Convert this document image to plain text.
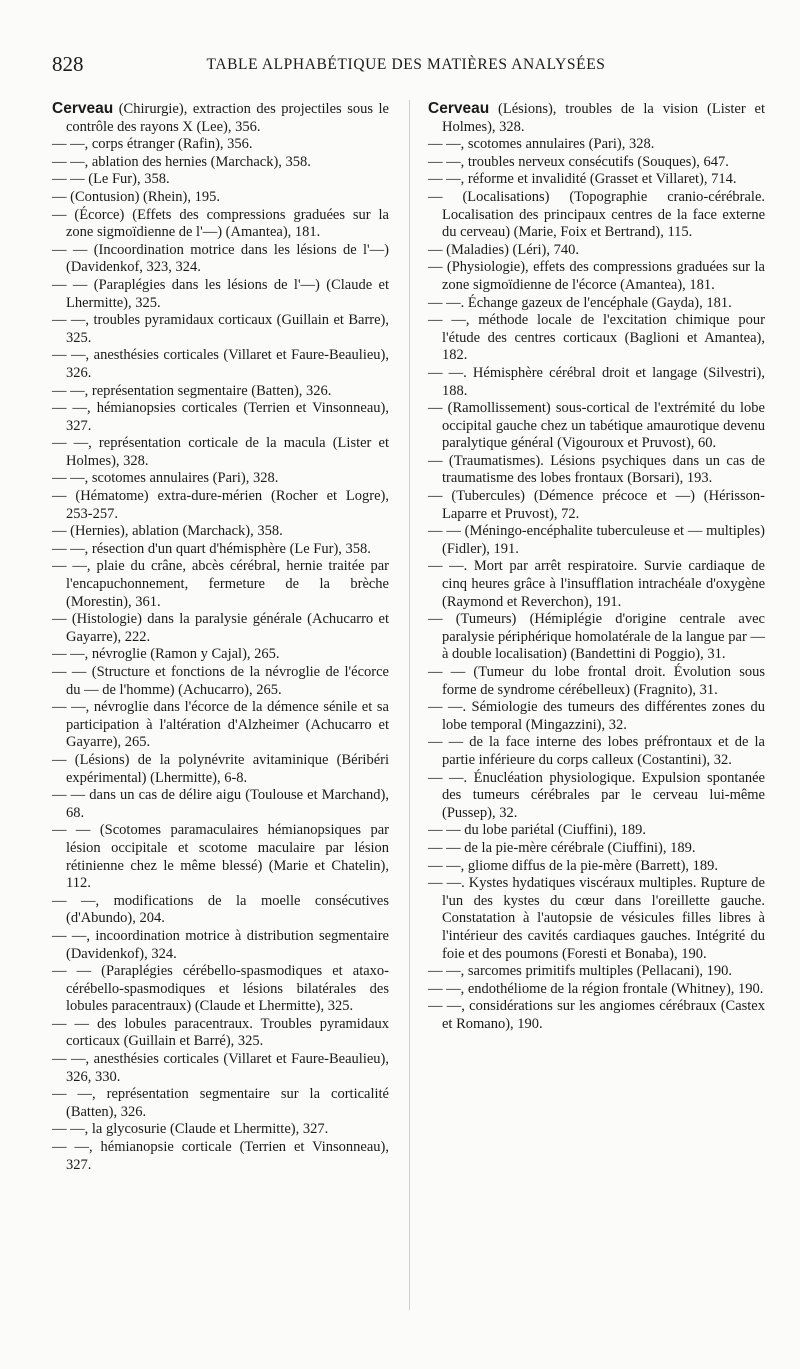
828	TABLE ALPHABÉTIQUE DES MATIÈRES ANALYSÉES

Cerveau (Chirurgie), extraction des projectiles sous le contrôle des rayons X (Lee), 356.

— —, corps étranger (Rafin), 356.

— —, ablation des hernies (Marchack), 358.

— — (Le Fur), 358.

— (Contusion) (Rhein), 195.

— (Écorce) (Effets des compressions graduées sur la zone sigmoïdienne de l'—) (Amantea), 181.

— — (Incoordination motrice dans les lésions de l'—) (Davidenkof, 323, 324.

— — (Paraplégies dans les lésions de l'—) (Claude et Lhermitte), 325.

— —, troubles pyramidaux corticaux (Guillain et Barre), 325.

— —, anesthésies corticales (Villaret et Faure-Beaulieu), 326.

— —, représentation segmentaire (Batten), 326.

— —, hémianopsies corticales (Terrien et Vinsonneau), 327.

— —, représentation corticale de la macula (Lister et Holmes), 328.

— —, scotomes annulaires (Pari), 328.

— (Hématome) extra-dure-mérien (Rocher et Logre), 253-257.

— (Hernies), ablation (Marchack), 358.

— —, résection d'un quart d'hémisphère (Le Fur), 358.

— —, plaie du crâne, abcès cérébral, hernie traitée par l'encapuchonnement, fermeture de la brèche (Morestin), 361.

— (Histologie) dans la paralysie générale (Achucarro et Gayarre), 222.

— —, névroglie (Ramon y Cajal), 265.

— — (Structure et fonctions de la névroglie de l'écorce du — de l'homme) (Achucarro), 265.

— —, névroglie dans l'écorce de la démence sénile et sa participation à l'altération d'Alzheimer (Achucarro et Gayarre), 265.

— (Lésions) de la polynévrite avitaminique (Béribéri expérimental) (Lhermitte), 6-8.

— — dans un cas de délire aigu (Toulouse et Marchand), 68.

— — (Scotomes paramaculaires hémianopsiques par lésion occipitale et scotome maculaire par lésion rétinienne chez le même blessé) (Marie et Chatelin), 112.

— —, modifications de la moelle consécutives (d'Abundo), 204.

— —, incoordination motrice à distribution segmentaire (Davidenkof), 324.

— — (Paraplégies cérébello-spasmodiques et ataxo-cérébello-spasmodiques et lésions bilatérales des lobules paracentraux) (Claude et Lhermitte), 325.

— — des lobules paracentraux. Troubles pyramidaux corticaux (Guillain et Barré), 325.

— —, anesthésies corticales (Villaret et Faure-Beaulieu), 326, 330.

— —, représentation segmentaire sur la corticalité (Batten), 326.

— —, la glycosurie (Claude et Lhermitte), 327.

— —, hémianopsie corticale (Terrien et Vinsonneau), 327.

Cerveau (Lésions), troubles de la vision (Lister et Holmes), 328.

— —, scotomes annulaires (Pari), 328.

— —, troubles nerveux consécutifs (Souques), 647.

— —, réforme et invalidité (Grasset et Villaret), 714.

— (Localisations) (Topographie cranio-cérébrale. Localisation des principaux centres de la face externe du cerveau) (Marie, Foix et Bertrand), 115.

— (Maladies) (Léri), 740.

— (Physiologie), effets des compressions graduées sur la zone sigmoïdienne de l'écorce (Amantea), 181.

— —. Échange gazeux de l'encéphale (Gayda), 181.

— —, méthode locale de l'excitation chimique pour l'étude des centres corticaux (Baglioni et Amantea), 182.

— —. Hémisphère cérébral droit et langage (Silvestri), 188.

— (Ramollissement) sous-cortical de l'extrémité du lobe occipital gauche chez un tabétique amaurotique devenu paralytique général (Vigouroux et Pruvost), 60.

— (Traumatismes). Lésions psychiques dans un cas de traumatisme des lobes frontaux (Borsari), 193.

— (Tubercules) (Démence précoce et —) (Hérisson-Laparre et Pruvost), 72.

— — (Méningo-encéphalite tuberculeuse et — multiples) (Fidler), 191.

— —. Mort par arrêt respiratoire. Survie cardiaque de cinq heures grâce à l'insufflation intrachéale d'oxygène (Raymond et Reverchon), 191.

— (Tumeurs) (Hémiplégie d'origine centrale avec paralysie périphérique homolatérale de la langue par — à double localisation) (Bandettini di Poggio), 31.

— — (Tumeur du lobe frontal droit. Évolution sous forme de syndrome cérébelleux) (Fragnito), 31.

— —. Sémiologie des tumeurs des différentes zones du lobe temporal (Mingazzini), 32.

— — de la face interne des lobes préfrontaux et de la partie inférieure du corps calleux (Costantini), 32.

— —. Énucléation physiologique. Expulsion spontanée des tumeurs cérébrales par le cerveau lui-même (Pussep), 32.

— — du lobe pariétal (Ciuffini), 189.

— — de la pie-mère cérébrale (Ciuffini), 189.

— —, gliome diffus de la pie-mère (Barrett), 189.

— —. Kystes hydatiques viscéraux multiples. Rupture de l'un des kystes du cœur dans l'oreillette gauche. Constatation à l'autopsie de vésicules filles libres à l'intérieur des cavités cardiaques gauches. Intégrité du foie et des poumons (Foresti et Bonaba), 190.

— —, sarcomes primitifs multiples (Pellacani), 190.

— —, endothéliome de la région frontale (Whitney), 190.

— —, considérations sur les angiomes cérébraux (Castex et Romano), 190.
